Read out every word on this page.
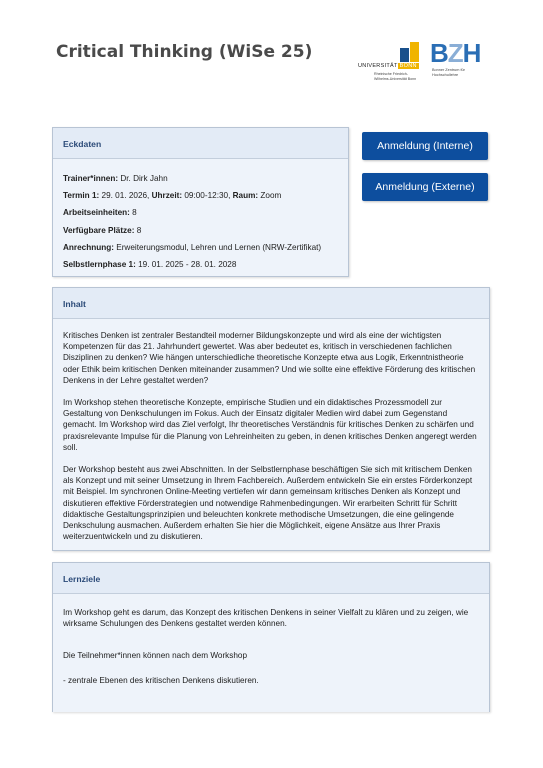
Critical Thinking (WiSe 25)
UNIVERSITÄT BONN
Rheinische Friedrich-Wilhelms-Universität Bonn
BZH
Bonner Zentrum für Hochschullehre
Eckdaten
Trainer*innen: Dr. Dirk Jahn
Termin 1: 29. 01. 2026, Uhrzeit: 09:00-12:30, Raum: Zoom
Arbeitseinheiten: 8
Verfügbare Plätze: 8
Anrechnung: Erweiterungsmodul, Lehren und Lernen (NRW-Zertifikat)
Selbstlernphase 1: 19. 01. 2025 - 28. 01. 2028
Anmeldung (Interne)
Anmeldung (Externe)
Inhalt

Kritisches Denken ist zentraler Bestandteil moderner Bildungskonzepte und wird als eine der wichtigsten Kompetenzen für das 21. Jahrhundert gewertet. Was aber bedeutet es, kritisch in verschiedenen fachlichen Disziplinen zu denken? Wie hängen unterschiedliche theoretische Konzepte etwa aus Logik, Erkenntnistheorie oder Ethik beim kritischen Denken miteinander zusammen? Und wie sollte eine effektive Förderung des kritischen Denkens in der Lehre gestaltet werden?

Im Workshop stehen theoretische Konzepte, empirische Studien und ein didaktisches Prozessmodell zur Gestaltung von Denkschulungen im Fokus. Auch der Einsatz digitaler Medien wird dabei zum Gegenstand gemacht. Im Workshop wird das Ziel verfolgt, Ihr theoretisches Verständnis für kritisches Denken zu schärfen und praxisrelevante Impulse für die Planung von Lehreinheiten zu geben, in denen kritisches Denken angeregt werden soll.

Der Workshop besteht aus zwei Abschnitten. In der Selbstlernphase beschäftigen Sie sich mit kritischem Denken als Konzept und mit seiner Umsetzung in Ihrem Fachbereich. Außerdem entwickeln Sie ein erstes Förderkonzept mit Beispiel. Im synchronen Online-Meeting vertiefen wir dann gemeinsam kritisches Denken als Konzept und diskutieren effektive Förderstrategien und notwendige Rahmenbedingungen. Wir erarbeiten Schritt für Schritt didaktische Gestaltungsprinzipien und beleuchten konkrete methodische Umsetzungen, die eine gelingende Denkschulung ausmachen. Außerdem erhalten Sie hier die Möglichkeit, eigene Ansätze aus Ihrer Praxis weiterzuentwickeln und zu diskutieren.

Lernziele

Im Workshop geht es darum, das Konzept des kritischen Denkens in seiner Vielfalt zu klären und zu zeigen, wie wirksame Schulungen des Denkens gestaltet werden können.

Die Teilnehmer*innen können nach dem Workshop

- zentrale Ebenen des kritischen Denkens diskutieren.
